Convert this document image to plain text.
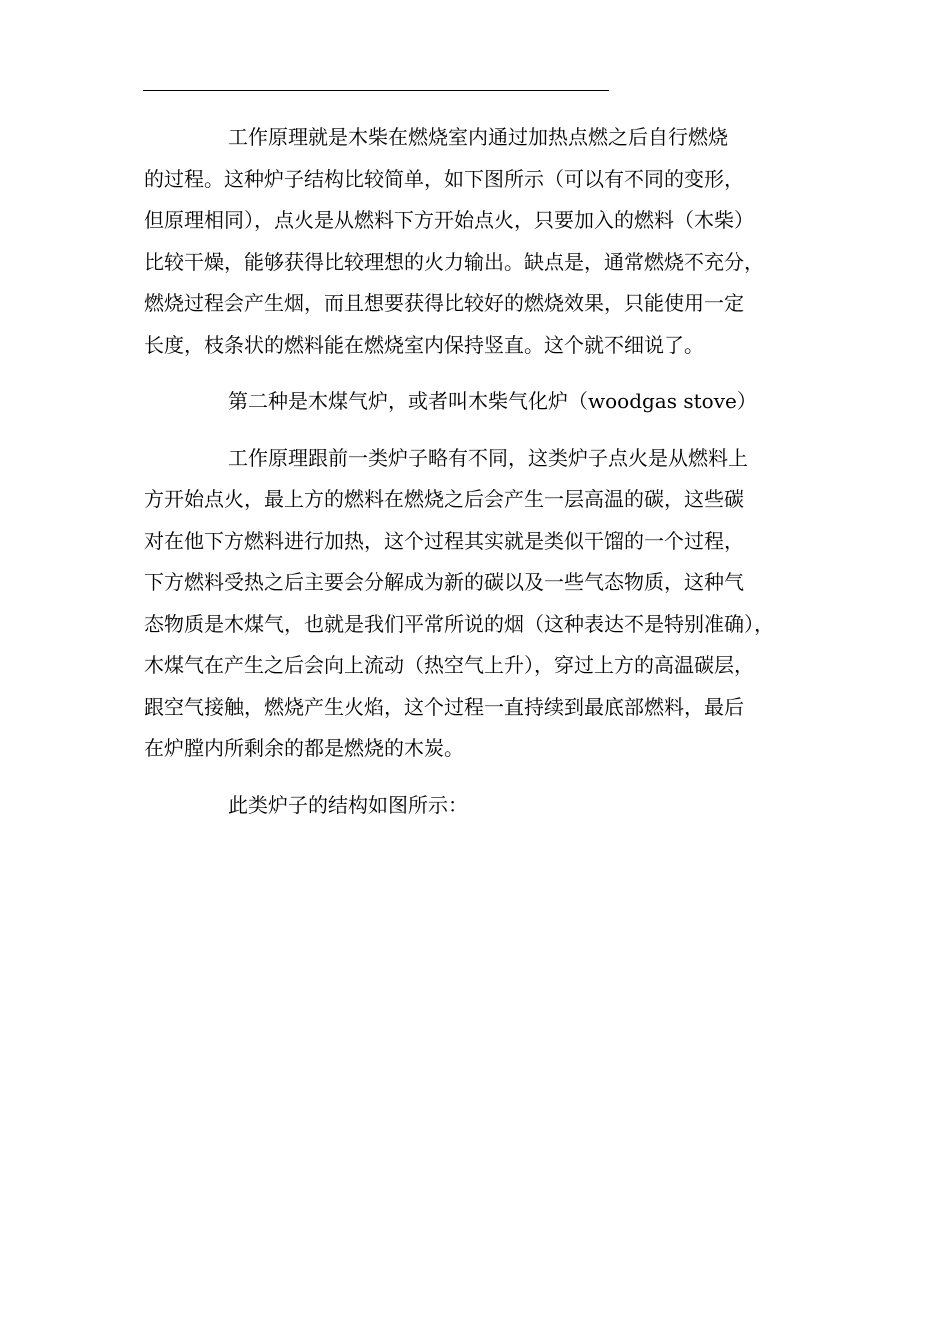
工作原理就是木柴在燃烧室内通过加热点燃之后自行燃烧
的过程。这种炉子结构比较简单，如下图所示（可以有不同的变形，
但原理相同），点火是从燃料下方开始点火，只要加入的燃料（木柴）
比较干燥，能够获得比较理想的火力输出。缺点是，通常燃烧不充分，
燃烧过程会产生烟，而且想要获得比较好的燃烧效果，只能使用一定
长度，枝条状的燃料能在燃烧室内保持竖直。这个就不细说了。

第二种是木煤气炉，或者叫木柴气化炉（woodgas stove）

工作原理跟前一类炉子略有不同，这类炉子点火是从燃料上
方开始点火，最上方的燃料在燃烧之后会产生一层高温的碳，这些碳
对在他下方燃料进行加热，这个过程其实就是类似干馏的一个过程，
下方燃料受热之后主要会分解成为新的碳以及一些气态物质，这种气
态物质是木煤气，也就是我们平常所说的烟（这种表达不是特别准确），
木煤气在产生之后会向上流动（热空气上升），穿过上方的高温碳层，
跟空气接触，燃烧产生火焰，这个过程一直持续到最底部燃料，最后
在炉膛内所剩余的都是燃烧的木炭。

此类炉子的结构如图所示：
